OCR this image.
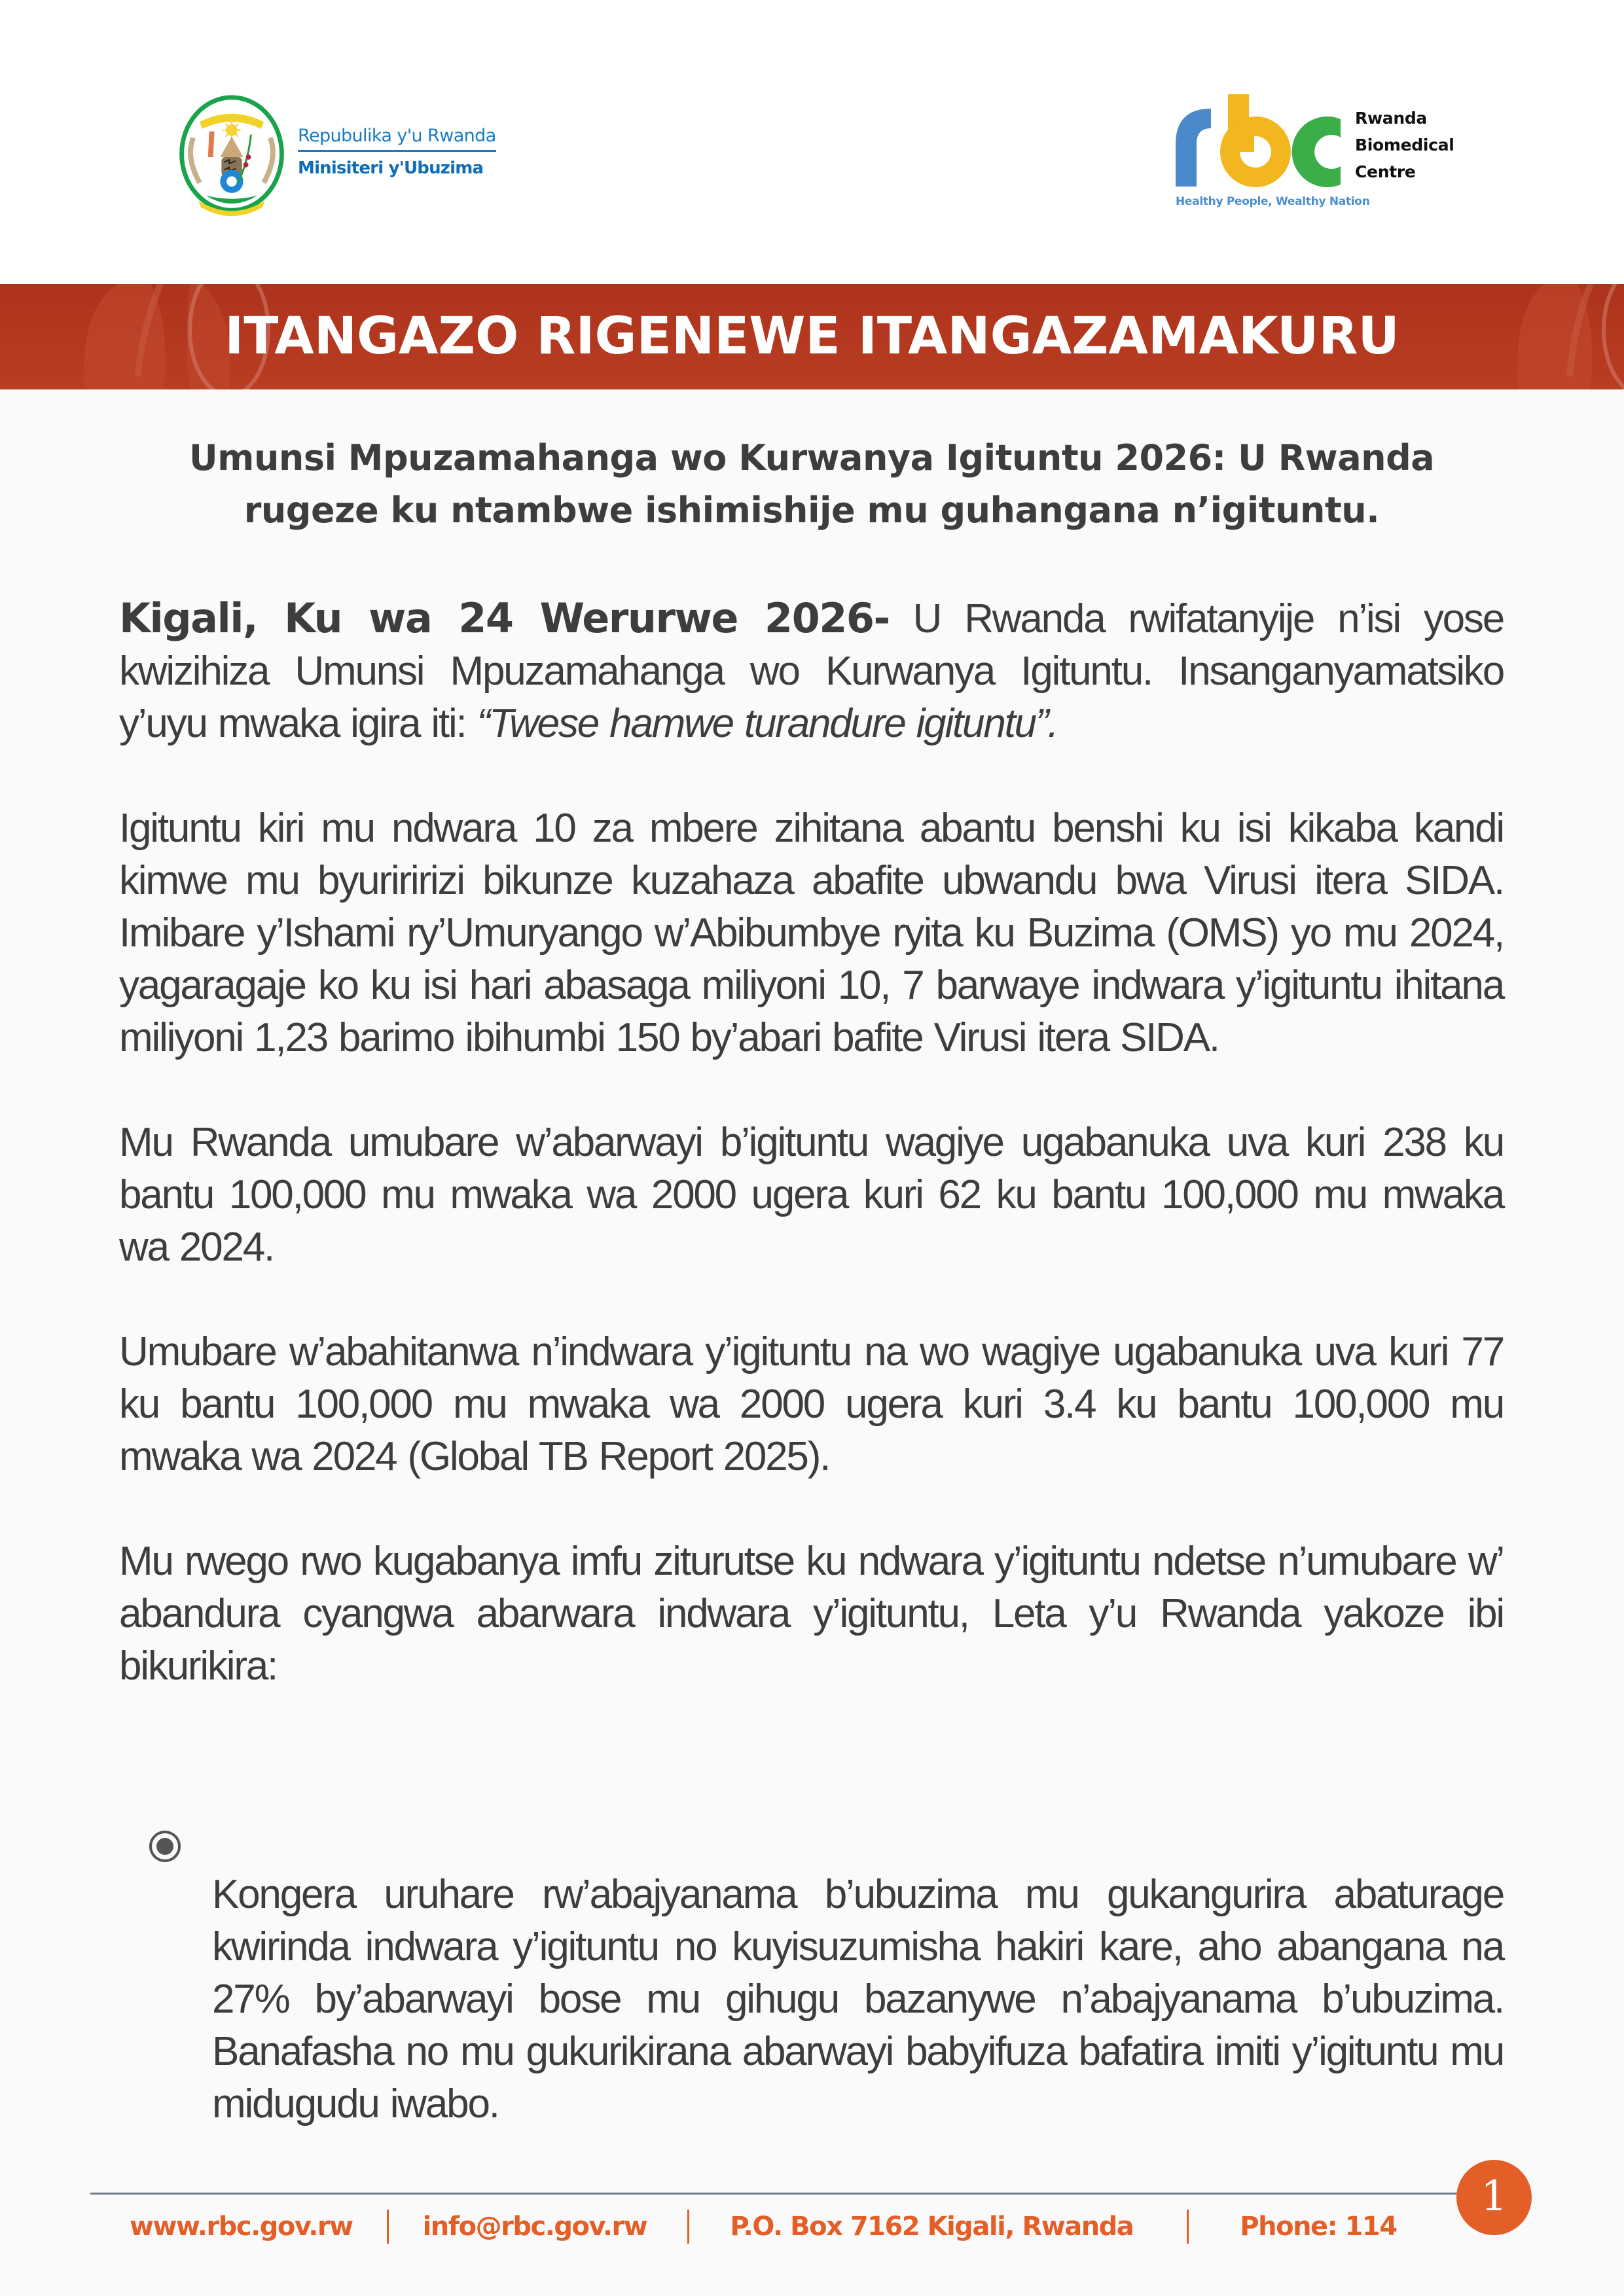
Repubulika y'u Rwanda
Minisiteri y'Ubuzima
Healthy People, Wealthy Nation
Rwanda
Biomedical
Centre
ITANGAZO RIGENEWE ITANGAZAMAKURU
Umunsi Mpuzamahanga wo Kurwanya Igituntu 2026: U Rwanda
rugeze ku ntambwe ishimishije mu guhangana n’igituntu.

Kigali, Ku wa 24 Werurwe 2026- U Rwanda rwifatanyije n’isi yose kwizihiza Umunsi Mpuzamahanga wo Kurwanya Igituntu. Insanganyamatsiko y’uyu mwaka igira iti: “Twese hamwe turandure igituntu”.

Igituntu kiri mu ndwara 10 za mbere zihitana abantu benshi ku isi kikaba kandi kimwe mu byuriririzi bikunze kuzahaza abafite ubwandu bwa Virusi itera SIDA. Imibare y’Ishami ry’Umuryango w’Abibumbye ryita ku Buzima (OMS) yo mu 2024, yagaragaje ko ku isi hari abasaga miliyoni 10, 7 barwaye indwara y’igituntu ihitana miliyoni 1,23 barimo ibihumbi 150 by’abari bafite Virusi itera SIDA.

Mu Rwanda umubare w’abarwayi b’igituntu wagiye ugabanuka uva kuri 238 ku bantu 100,000 mu mwaka wa 2000 ugera kuri 62 ku bantu 100,000 mu mwaka wa 2024.

Umubare w’abahitanwa n’indwara y’igituntu na wo wagiye ugabanuka uva kuri 77 ku bantu 100,000 mu mwaka wa 2000 ugera kuri 3.4 ku bantu 100,000 mu mwaka wa 2024 (Global TB Report 2025).

Mu rwego rwo kugabanya imfu ziturutse ku ndwara y’igituntu ndetse n’umubare w’ abandura cyangwa abarwara indwara y’igituntu, Leta y’u Rwanda yakoze ibi bikurikira:

Kongera uruhare rw’abajyanama b’ubuzima mu gukangurira abaturage kwirinda indwara y’igituntu no kuyisuzumisha hakiri kare, aho abangana na 27% by’abarwayi bose mu gihugu bazanywe n’abajyanama b’ubuzima. Banafasha no mu gukurikirana abarwayi babyifuza bafatira imiti y’igituntu mu midugudu iwabo.
1
www.rbc.gov.rw	info@rbc.gov.rw	P.O. Box 7162 Kigali, Rwanda	Phone: 114
